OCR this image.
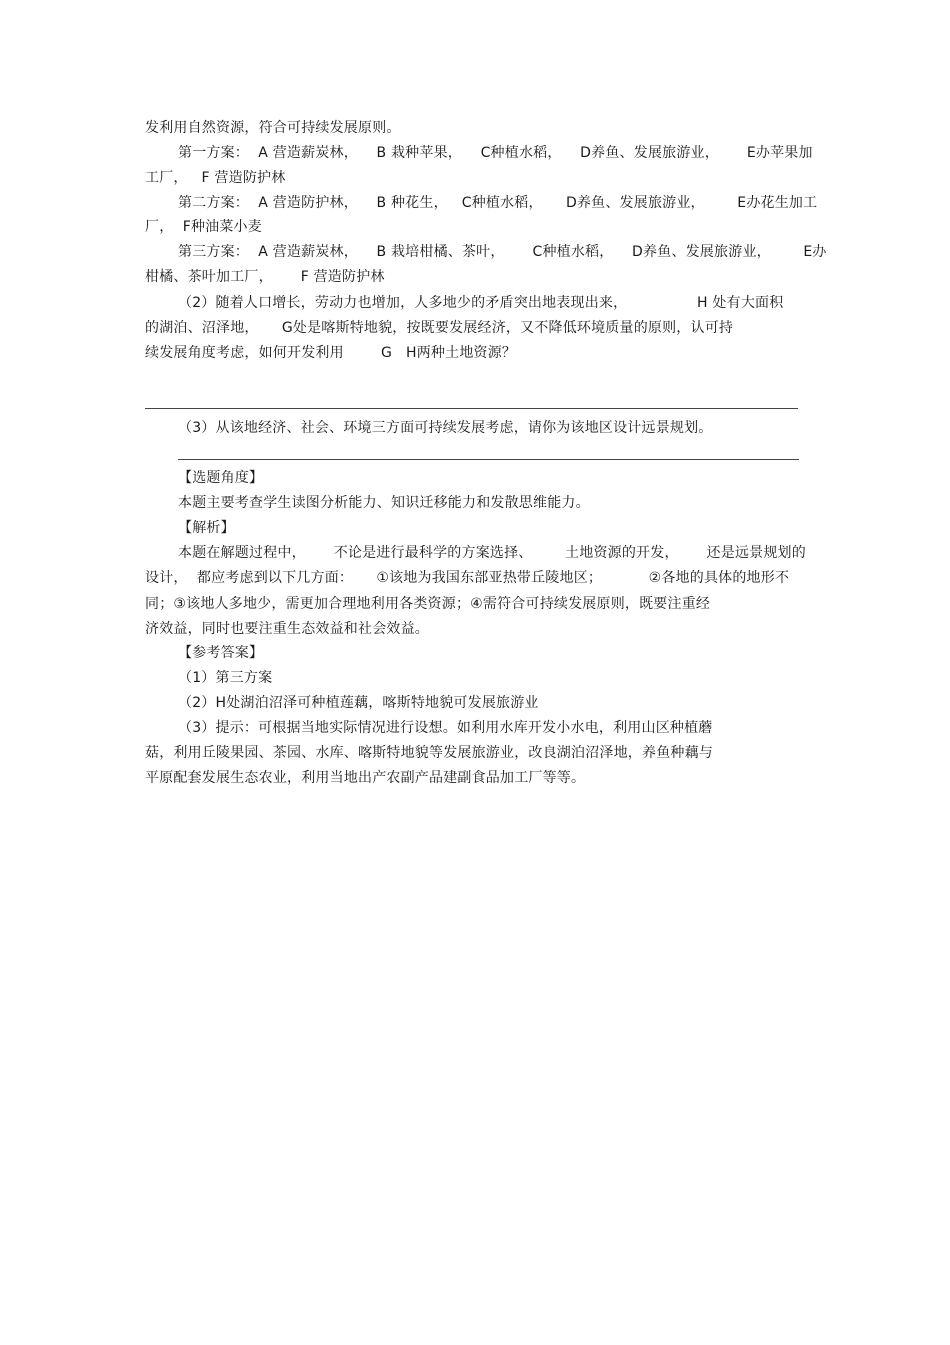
发利用自然资源，符合可持续发展原则。
第一方案：  A 营造薪炭林，    B 栽种苹果，    C种植水稻，    D养鱼、发展旅游业，      E办苹果加
工厂，   F 营造防护林
第二方案：  A 营造防护林，    B 种花生，   C种植水稻，     D养鱼、发展旅游业，       E办花生加工
厂，  F种油菜小麦
第三方案：  A 营造薪炭林，    B 栽培柑橘、茶叶，      C种植水稻，    D养鱼、发展旅游业，       E办
柑橘、茶叶加工厂，      F 营造防护林
（2）随着人口增长，劳动力也增加，人多地少的矛盾突出地表现出来，               H 处有大面积
的湖泊、沼泽地，     G处是喀斯特地貌，按既要发展经济，又不降低环境质量的原则，认可持
续发展角度考虑，如何开发利用        G   H两种土地资源？
（3）从该地经济、社会、环境三方面可持续发展考虑，请你为该地区设计远景规划。
【选题角度】
本题主要考查学生读图分析能力、知识迁移能力和发散思维能力。
【解析】
本题在解题过程中，      不论是进行最科学的方案选择、       土地资源的开发，      还是远景规划的
设计，  都应考虑到以下几方面：     ①该地为我国东部亚热带丘陵地区；          ②各地的具体的地形不
同；③该地人多地少，需更加合理地利用各类资源；④需符合可持续发展原则，既要注重经
济效益，同时也要注重生态效益和社会效益。
【参考答案】
（1）第三方案
（2）H处湖泊沼泽可种植莲藕，喀斯特地貌可发展旅游业
（3）提示：可根据当地实际情况进行设想。如利用水库开发小水电，利用山区种植蘑
菇，利用丘陵果园、茶园、水库、喀斯特地貌等发展旅游业，改良湖泊沼泽地，养鱼种藕与
平原配套发展生态农业，利用当地出产农副产品建副食品加工厂等等。
